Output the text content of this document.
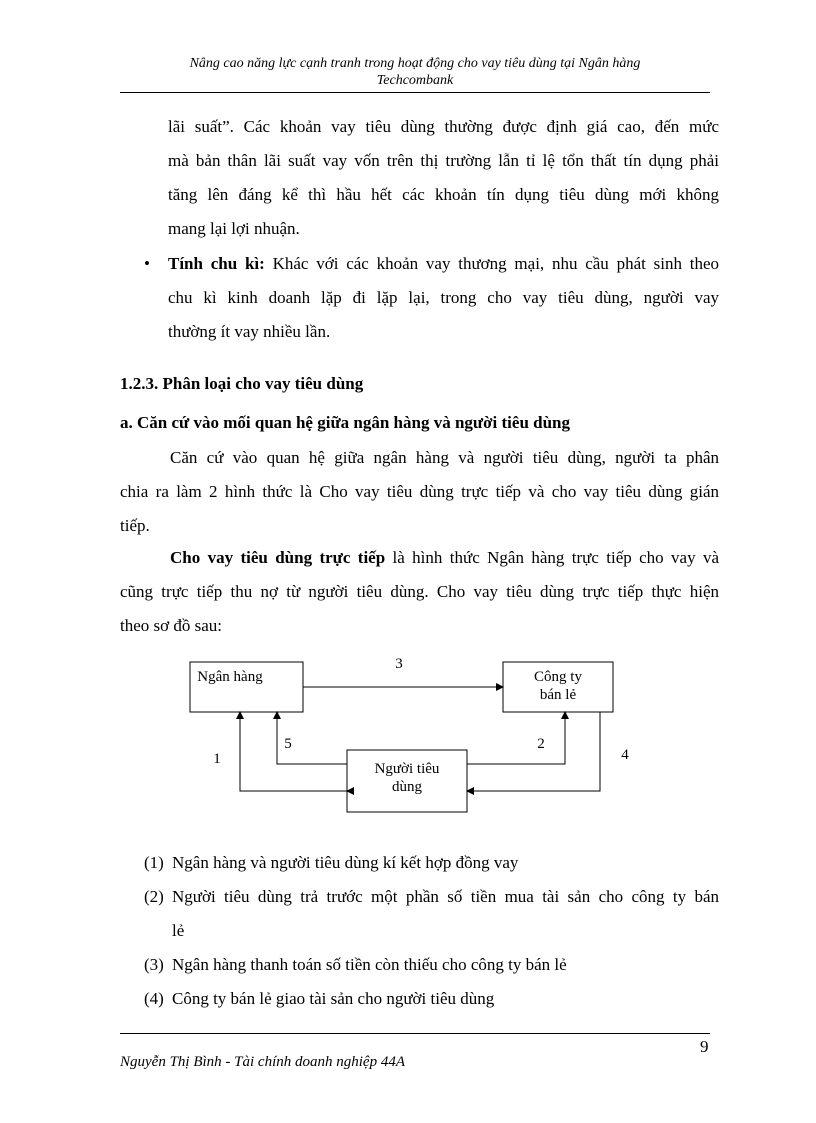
Nâng cao năng lực cạnh tranh trong hoạt động cho vay tiêu dùng tại Ngân hàng
Techcombank
lãi suất”. Các khoản vay tiêu dùng thường được định giá cao, đến mức
mà bản thân lãi suất vay vốn trên thị trường lẫn tỉ lệ tổn thất tín dụng phải
tăng lên đáng kể thì hầu hết các khoản tín dụng tiêu dùng mới không
mang lại lợi nhuận.
• Tính chu kì: Khác với các khoản vay thương mại, nhu cầu phát sinh theo
chu kì kinh doanh lặp đi lặp lại, trong cho vay tiêu dùng, người vay
thường ít vay nhiều lần.
1.2.3. Phân loại cho vay tiêu dùng
a. Căn cứ vào mối quan hệ giữa ngân hàng và người tiêu dùng
Căn cứ vào quan hệ giữa ngân hàng và người tiêu dùng, người ta phân
chia ra làm 2 hình thức là Cho vay tiêu dùng trực tiếp và cho vay tiêu dùng gián
tiếp.
Cho vay tiêu dùng trực tiếp là hình thức Ngân hàng trực tiếp cho vay và
cũng trực tiếp thu nợ từ người tiêu dùng. Cho vay tiêu dùng trực tiếp thực hiện
theo sơ đồ sau:
Ngân hàng	Công ty
bán lẻ
Người tiêu
dùng
3
1
5	2
4
(1) Ngân hàng và người tiêu dùng kí kết hợp đồng vay
(2) Người tiêu dùng trả trước một phần số tiền mua tài sản cho công ty bán
lẻ
(3) Ngân hàng thanh toán số tiền còn thiếu cho công ty bán lẻ
(4) Công ty bán lẻ giao tài sản cho người tiêu dùng
9
Nguyễn Thị Bình - Tài chính doanh nghiệp 44A
